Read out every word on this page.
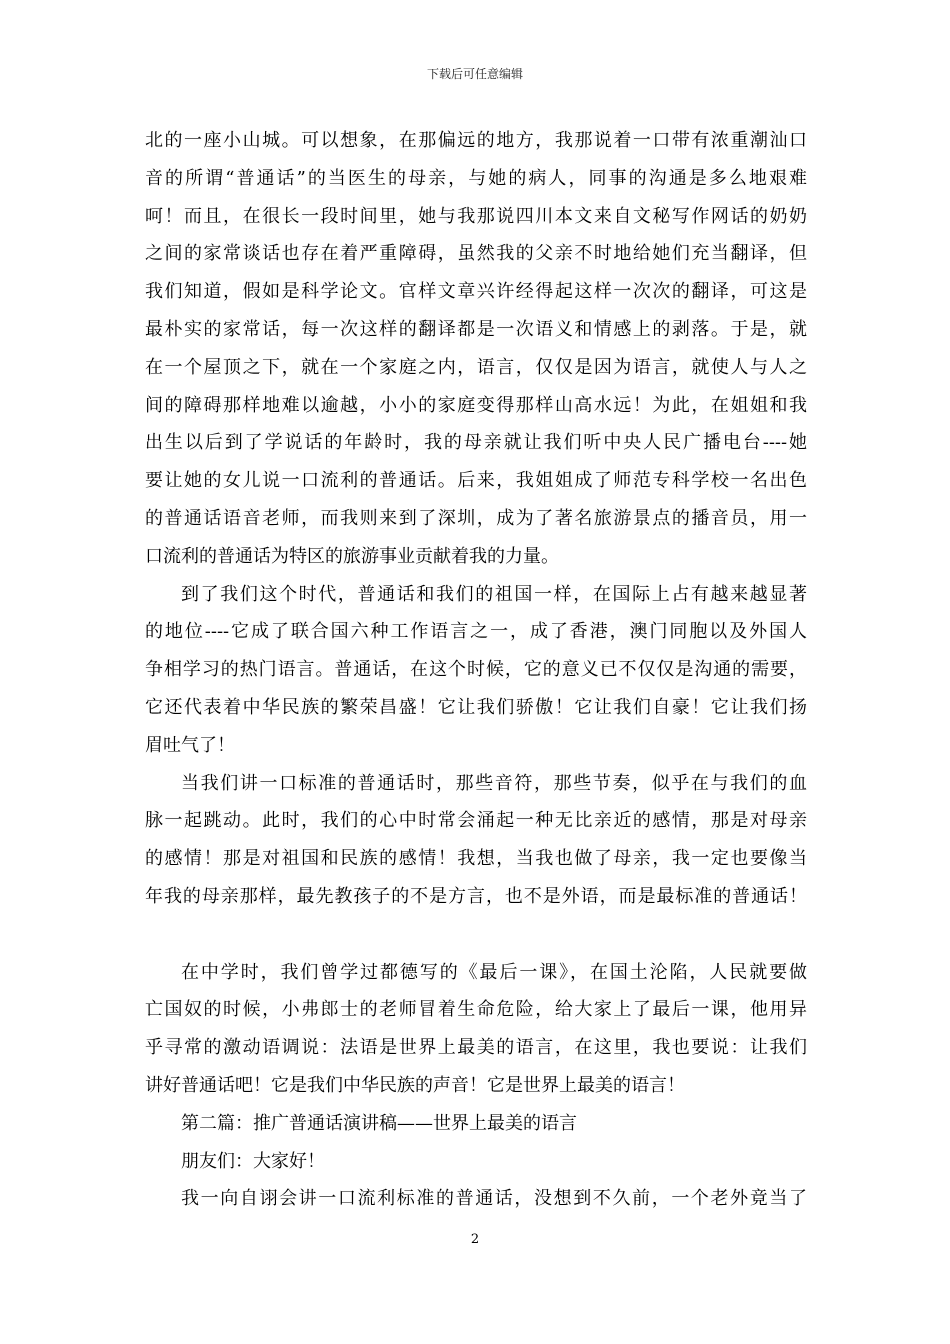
下载后可任意编辑
北的一座小山城。可以想象，在那偏远的地方，我那说着一口带有浓重潮汕口
音的所谓“普通话”的当医生的母亲，与她的病人，同事的沟通是多么地艰难
呵！而且，在很长一段时间里，她与我那说四川本文来自文秘写作网话的奶奶
之间的家常谈话也存在着严重障碍，虽然我的父亲不时地给她们充当翻译，但
我们知道，假如是科学论文。官样文章兴许经得起这样一次次的翻译，可这是
最朴实的家常话，每一次这样的翻译都是一次语义和情感上的剥落。于是，就
在一个屋顶之下，就在一个家庭之内，语言，仅仅是因为语言，就使人与人之
间的障碍那样地难以逾越，小小的家庭变得那样山高水远！为此，在姐姐和我
出生以后到了学说话的年龄时，我的母亲就让我们听中央人民广播电台----她
要让她的女儿说一口流利的普通话。后来，我姐姐成了师范专科学校一名出色
的普通话语音老师，而我则来到了深圳，成为了著名旅游景点的播音员，用一
口流利的普通话为特区的旅游事业贡献着我的力量。
到了我们这个时代，普通话和我们的祖国一样，在国际上占有越来越显著
的地位----它成了联合国六种工作语言之一，成了香港，澳门同胞以及外国人
争相学习的热门语言。普通话，在这个时候，它的意义已不仅仅是沟通的需要，
它还代表着中华民族的繁荣昌盛！它让我们骄傲！它让我们自豪！它让我们扬
眉吐气了！
当我们讲一口标准的普通话时，那些音符，那些节奏，似乎在与我们的血
脉一起跳动。此时，我们的心中时常会涌起一种无比亲近的感情，那是对母亲
的感情！那是对祖国和民族的感情！我想，当我也做了母亲，我一定也要像当
年我的母亲那样，最先教孩子的不是方言，也不是外语，而是最标准的普通话！
在中学时，我们曾学过都德写的《最后一课》，在国土沦陷，人民就要做
亡国奴的时候，小弗郎士的老师冒着生命危险，给大家上了最后一课，他用异
乎寻常的激动语调说：法语是世界上最美的语言，在这里，我也要说：让我们
讲好普通话吧！它是我们中华民族的声音！它是世界上最美的语言！
第二篇：推广普通话演讲稿——世界上最美的语言
朋友们：大家好！
我一向自诩会讲一口流利标准的普通话，没想到不久前，一个老外竟当了
2
